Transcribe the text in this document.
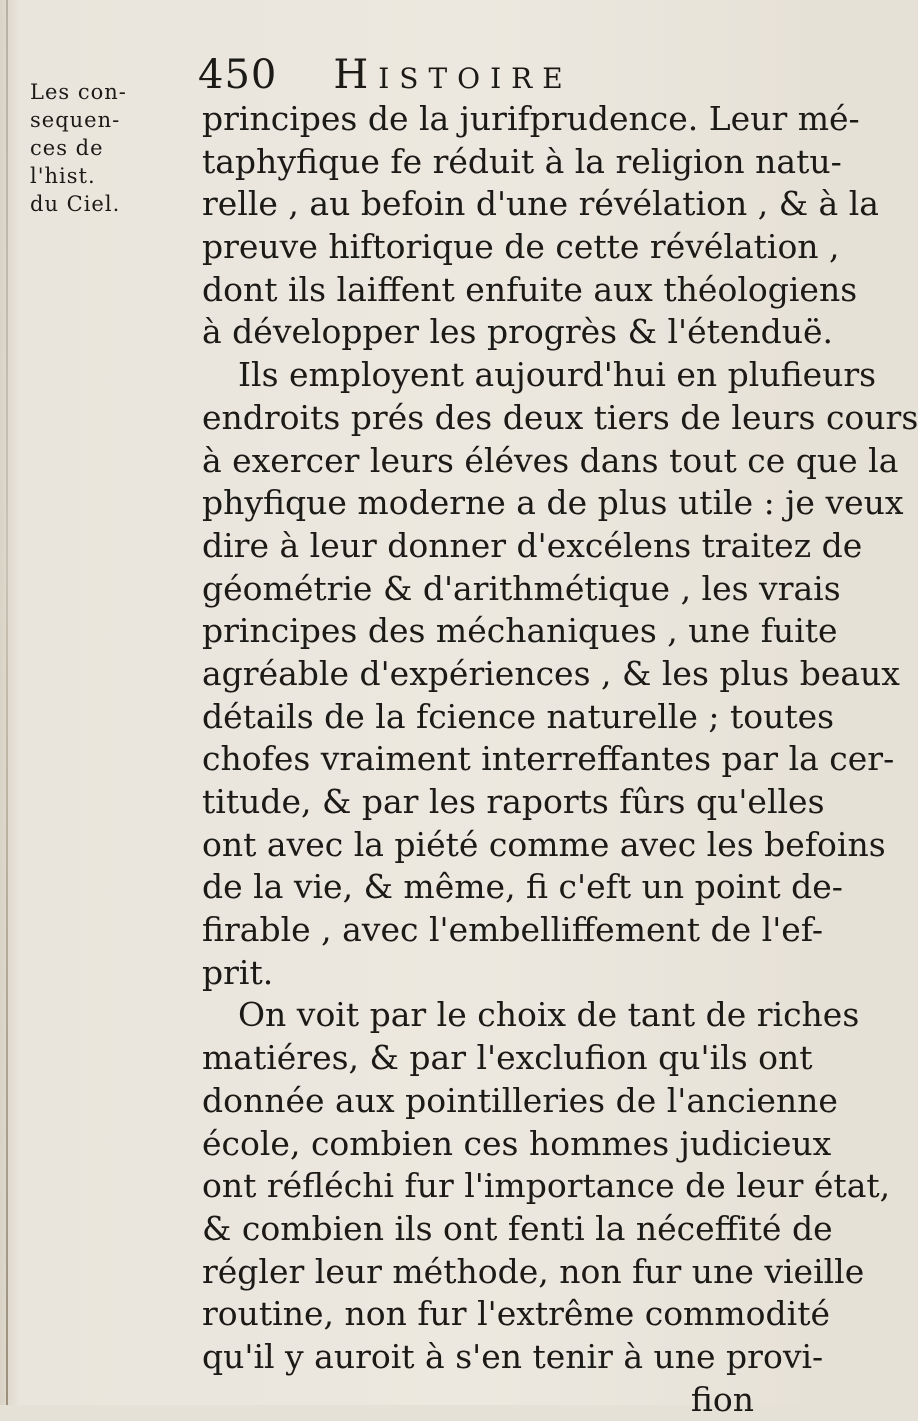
450 Histoire
Les con-
sequen-
ces de
l'hist.
du Ciel.
principes de la jurifprudence. Leur mé-
taphyfique fe réduit à la religion natu-
relle , au befoin d'une révélation , & à la
preuve hiftorique de cette révélation ,
dont ils laiffent enfuite aux théologiens
à développer les progrès & l'étenduë.
Ils employent aujourd'hui en plufieurs
endroits prés des deux tiers de leurs cours
à exercer leurs éléves dans tout ce que la
phyfique moderne a de plus utile : je veux
dire à leur donner d'excélens traitez de
géométrie & d'arithmétique , les vrais
principes des méchaniques , une fuite
agréable d'expériences , & les plus beaux
détails de la fcience naturelle ; toutes
chofes vraiment interreffantes par la cer-
titude, & par les raports fûrs qu'elles
ont avec la piété comme avec les befoins
de la vie, & même, fi c'eft un point de-
firable , avec l'embelliffement de l'ef-
prit.
On voit par le choix de tant de riches
matiéres, & par l'exclufion qu'ils ont
donnée aux pointilleries de l'ancienne
école, combien ces hommes judicieux
ont réfléchi fur l'importance de leur état,
& combien ils ont fenti la néceffité de
régler leur méthode, non fur une vieille
routine, non fur l'extrême commodité
qu'il y auroit à s'en tenir à une provi-
fion
